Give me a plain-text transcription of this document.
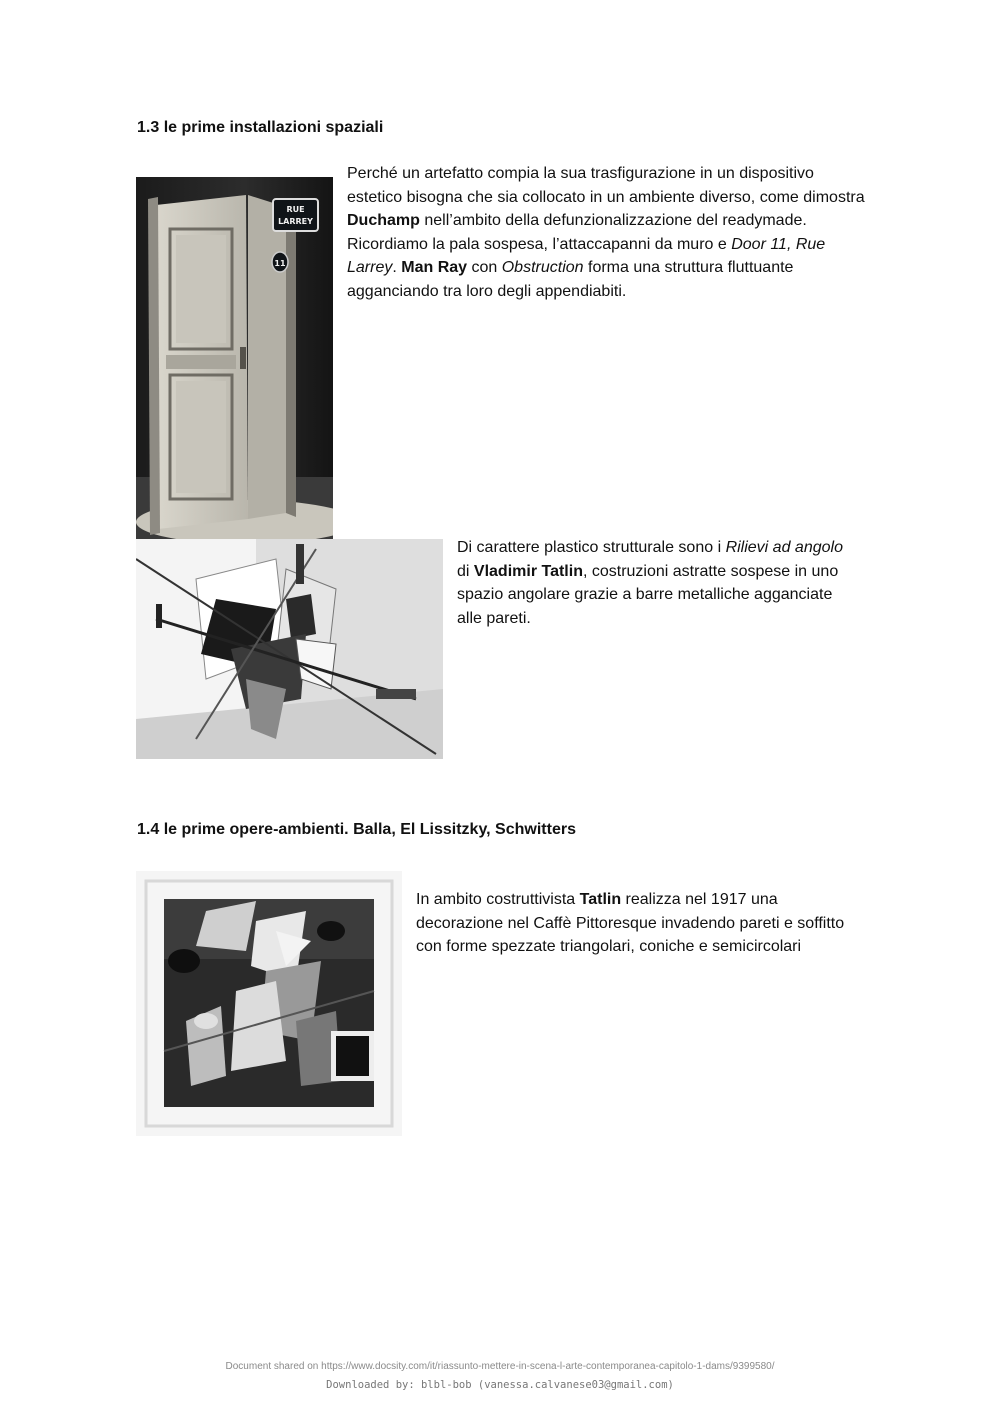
1.3 le prime installazioni spaziali

Perché un artefatto compia la sua trasfigurazione in un dispositivo estetico bisogna che sia collocato in un ambiente diverso, come dimostra Duchamp nell’ambito della defunzionalizzazione del readymade. Ricordiamo la pala sospesa, l’attaccapanni da muro e Door 11, Rue Larrey. Man Ray con Obstruction forma una struttura fluttuante agganciando tra loro degli appendiabiti.

RUE
LARREY
11

Di carattere plastico strutturale sono i Rilievi ad angolo di Vladimir Tatlin, costruzioni astratte sospese in uno spazio angolare grazie a barre metalliche agganciate alle pareti.

1.4 le prime opere-ambienti. Balla, El Lissitzky, Schwitters

In ambito costruttivista Tatlin realizza nel 1917 una decorazione nel Caffè Pittoresque invadendo pareti e soffitto con forme spezzate triangolari, coniche e semicircolari

Document shared on https://www.docsity.com/it/riassunto-mettere-in-scena-l-arte-contemporanea-capitolo-1-dams/9399580/
Downloaded by: blbl-bob (vanessa.calvanese03@gmail.com)
